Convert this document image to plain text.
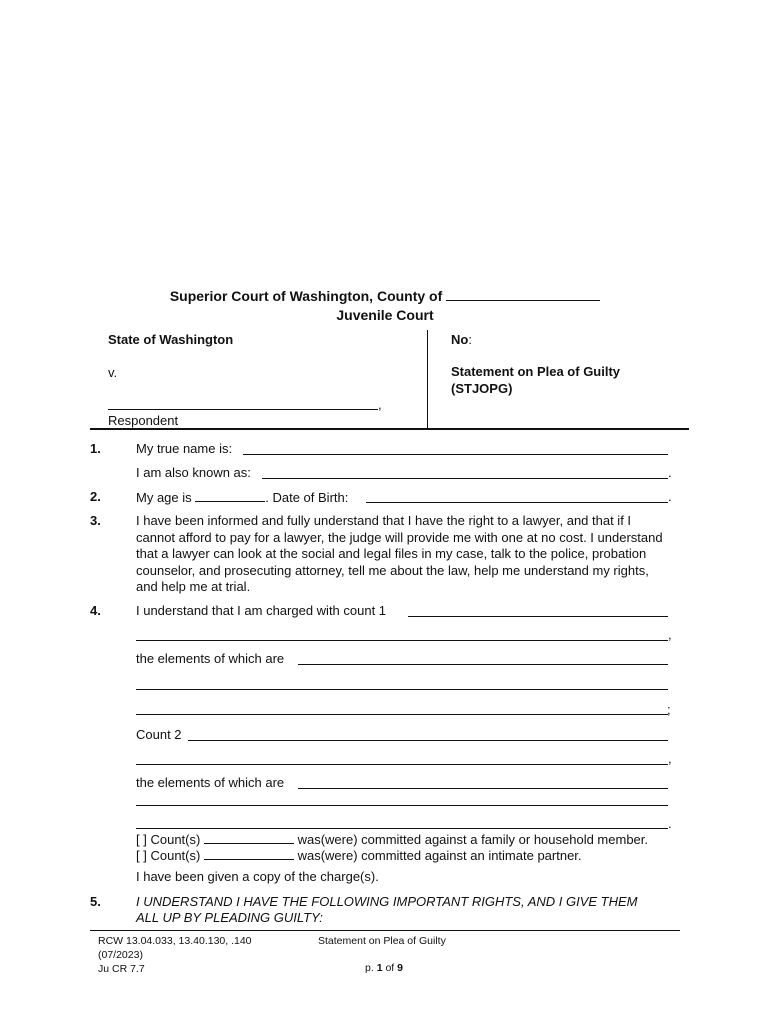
Superior Court of Washington, County of
Juvenile Court
State of Washington
v.
,
Respondent
No:
Statement on Plea of Guilty
(STJOPG)
1.	My true name is:
I am also known as:	.
2.	My age is	. Date of Birth:	.
3.	I have been informed and fully understand that I have the right to a lawyer, and that if I cannot afford to pay for a lawyer, the judge will provide me with one at no cost. I understand that a lawyer can look at the social and legal files in my case, talk to the police, probation counselor, and prosecuting attorney, tell me about the law, help me understand my rights, and help me at trial.
4.	I understand that I am charged with count 1
,
the elements of which are
;
Count 2
,
the elements of which are
.
[ ] Count(s)	was(were) committed against a family or household member.
[ ] Count(s)	was(were) committed against an intimate partner.
I have been given a copy of the charge(s).
5.	I UNDERSTAND I HAVE THE FOLLOWING IMPORTANT RIGHTS, AND I GIVE THEM
ALL UP BY PLEADING GUILTY:
RCW 13.04.033, 13.40.130, .140
(07/2023)
Ju CR 7.7
Statement on Plea of Guilty
p. 1 of 9
